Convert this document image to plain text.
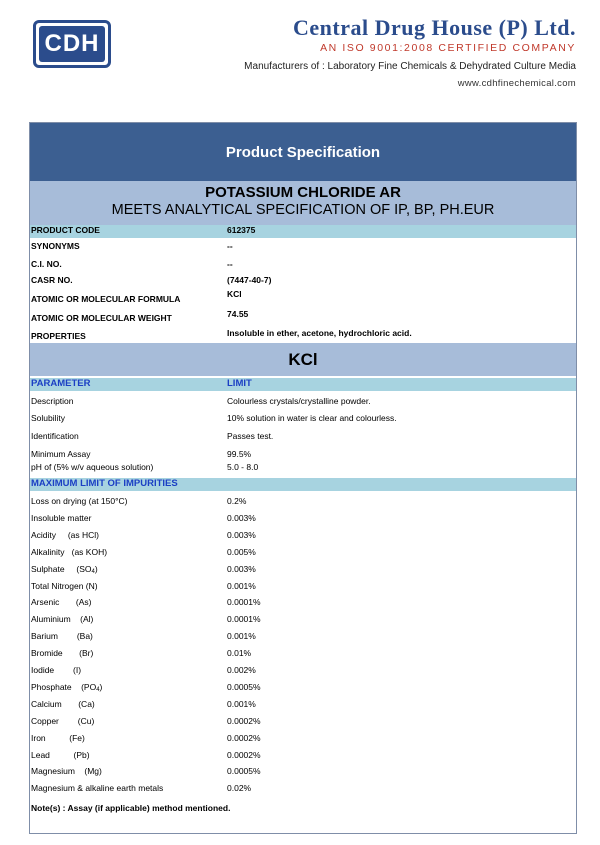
CDH
Central Drug House (P) Ltd.
AN ISO 9001:2008 CERTIFIED COMPANY
Manufacturers of : Laboratory Fine Chemicals & Dehydrated Culture Media
www.cdhfinechemical.com
Product Specification
POTASSIUM CHLORIDE AR
MEETS ANALYTICAL SPECIFICATION OF IP, BP, PH.EUR
PRODUCT CODE	612375
SYNONYMS	--
C.I. NO.	--
CASR NO.	(7447-40-7)
ATOMIC OR MOLECULAR FORMULA	KCl
ATOMIC OR MOLECULAR WEIGHT	74.55
PROPERTIES	Insoluble in ether, acetone, hydrochloric acid.
KCl
PARAMETER	LIMIT
Description	Colourless crystals/crystalline powder.
Solubility	10% solution in water is clear and colourless.
Identification	Passes test.
Minimum Assay	99.5%
pH of (5% w/v aqueous solution)	5.0 - 8.0
MAXIMUM LIMIT OF IMPURITIES
Loss on drying (at 150°C)	0.2%
Insoluble matter	0.003%
Acidity     (as HCl)	0.003%
Alkalinity   (as KOH)	0.005%
Sulphate     $(SO_4)$	0.003%
Total Nitrogen (N)	0.001%
Arsenic       (As)	0.0001%
Aluminium    (Al)	0.0001%
Barium        (Ba)	0.001%
Bromide       (Br)	0.01%
Iodide        (I)	0.002%
Phosphate    $(PO_4)$	0.0005%
Calcium       (Ca)	0.001%
Copper        (Cu)	0.0002%
Iron          (Fe)	0.0002%
Lead          (Pb)	0.0002%
Magnesium    (Mg)	0.0005%
Magnesium & alkaline earth metals	0.02%
Note(s) : Assay (if applicable) method mentioned.
